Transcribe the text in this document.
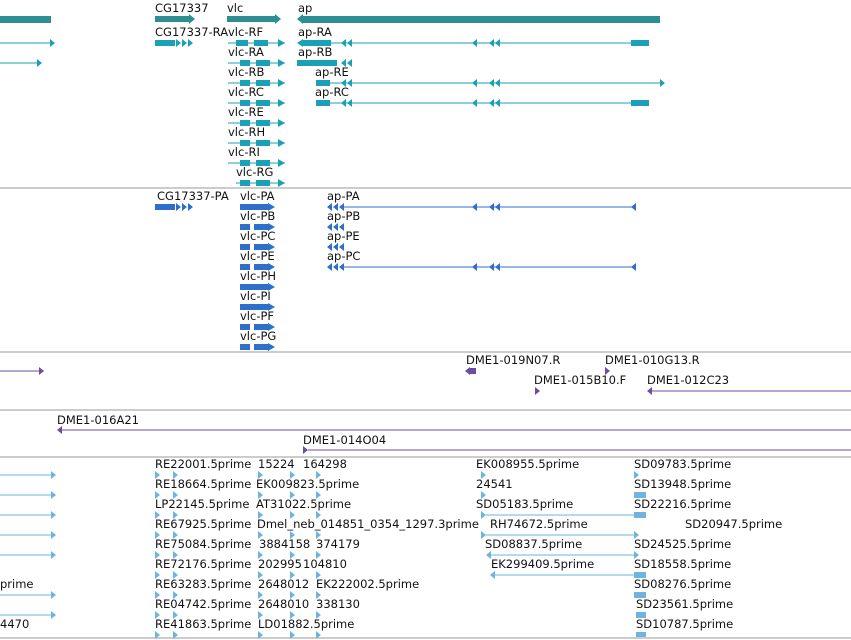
CG17337 vlc	ap
CG17337-RA vlc-RF	ap-RA
vlc-RA	ap-RB
vlc-RB	ap-RE
vlc-RC	ap-RC
vlc-RE
vlc-RH
vlc-RI
vlc-RG
CG17337-PA vlc-PA	ap-PA
vlc-PB	ap-PB
vlc-PC	ap-PE
vlc-PE	ap-PC
vlc-PH
vlc-PI
vlc-PF
vlc-PG
DME1-019N07.R	DME1-010G13.R
DME1-015B10.F DME1-012C23
DME1-016A21
DME1-014O04
RE22001.5prime 15224 164298	EK008955.5prime	SD09783.5prime
RE18664.5prime EK009823.5prime	24541	SD13948.5prime
LP22145.5prime AT31022.5prime	SD05183.5prime	SD22216.5prime
RE67925.5prime Dmel_neb_014851_0354_1297.3prime RH74672.5prime	SD20947.5prime
RE75084.5prime 3884158 374179	SD08837.5prime	SD24525.5prime
RE72176.5prime 202995 104810	EK299409.5prime	SD18558.5prime
prime	RE63283.5prime 2648012 EK222002.5prime	SD08276.5prime
RE04742.5prime 2648010 338130	SD23561.5prime
4470	RE41863.5prime LD01882.5prime	SD10787.5prime
